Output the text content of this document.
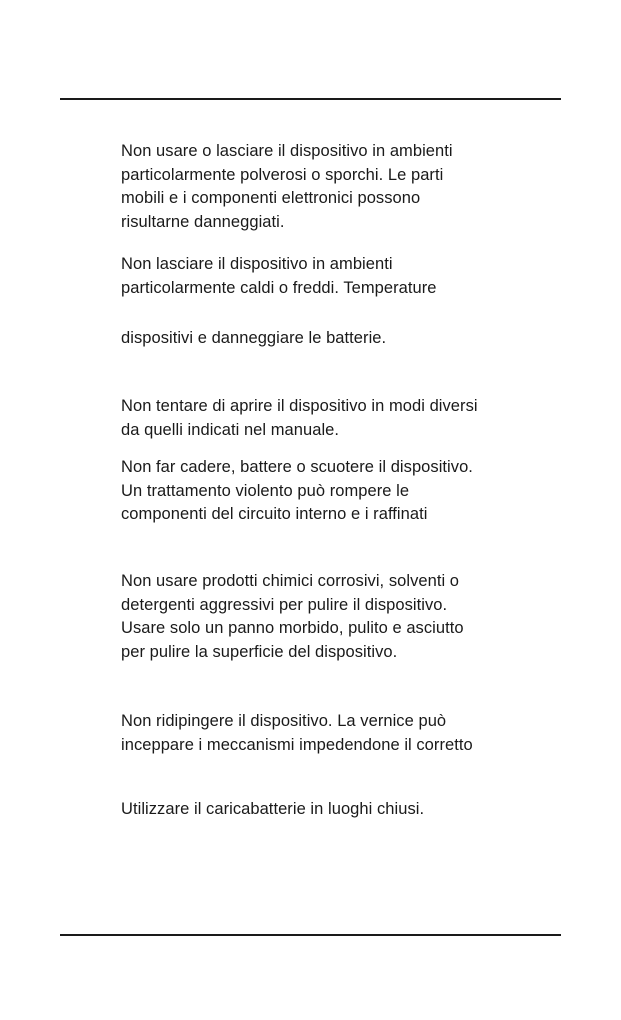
Non usare o lasciare il dispositivo in ambienti
particolarmente polverosi o sporchi. Le parti
mobili e i componenti elettronici possono
risultarne danneggiati.

Non lasciare il dispositivo in ambienti
particolarmente caldi o freddi. Temperature

dispositivi e danneggiare le batterie.

Non tentare di aprire il dispositivo in modi diversi
da quelli indicati nel manuale.

Non far cadere, battere o scuotere il dispositivo.
Un trattamento violento può rompere le
componenti del circuito interno e i raffinati

Non usare prodotti chimici corrosivi, solventi o
detergenti aggressivi per pulire il dispositivo.
Usare solo un panno morbido, pulito e asciutto
per pulire la superficie del dispositivo.

Non ridipingere il dispositivo. La vernice può
inceppare i meccanismi impedendone il corretto

Utilizzare il caricabatterie in luoghi chiusi.
